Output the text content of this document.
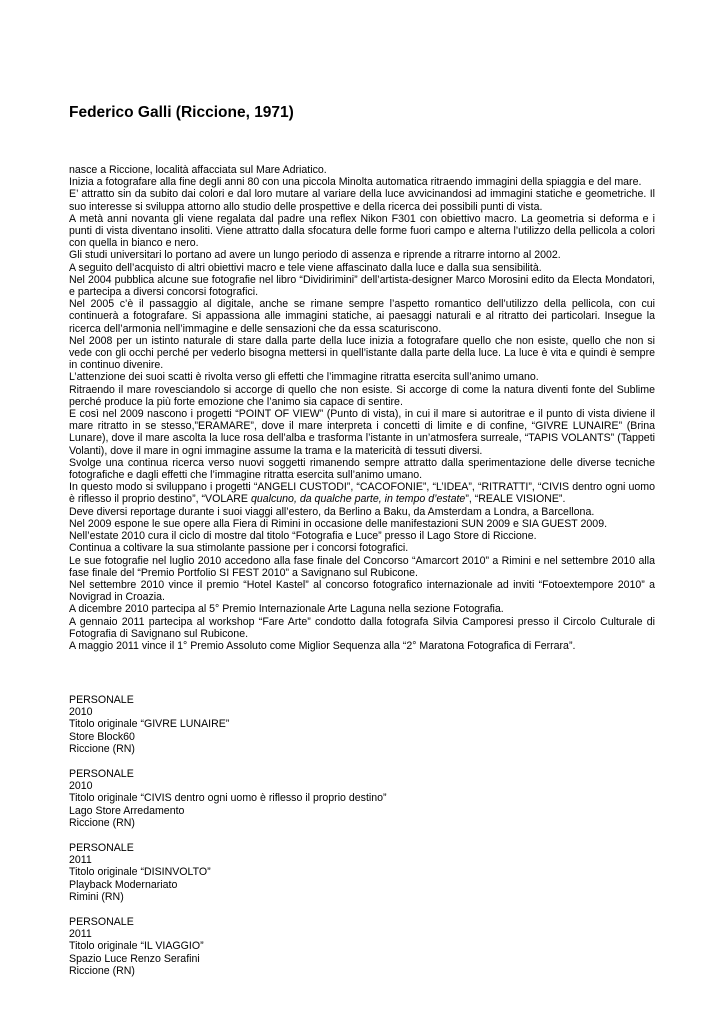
Federico Galli (Riccione, 1971)

nasce a Riccione, località affacciata sul Mare Adriatico.

Inizia a fotografare alla fine degli anni 80 con una piccola Minolta automatica ritraendo immagini della spiaggia e del mare.

E’ attratto sin da subito dai colori e dal loro mutare al variare della luce avvicinandosi ad immagini statiche e geometriche. Il suo interesse si sviluppa attorno allo studio delle prospettive e della ricerca dei possibili punti di vista.

A metà anni novanta gli viene regalata dal padre una reflex Nikon F301 con obiettivo macro. La geometria si deforma e i punti di vista diventano insoliti. Viene attratto dalla sfocatura delle forme fuori campo e alterna l’utilizzo della pellicola a colori con quella in bianco e nero.

Gli studi universitari lo portano ad avere un lungo periodo di assenza e riprende a ritrarre intorno al 2002.

A seguito dell’acquisto di altri obiettivi macro e tele viene affascinato dalla luce e dalla sua sensibilità.

Nel 2004 pubblica alcune sue fotografie nel libro “Dividirimini” dell’artista-designer Marco Morosini edito da Electa Mondatori, e partecipa a diversi concorsi fotografici.

Nel 2005 c’è il passaggio al digitale, anche se rimane sempre l’aspetto romantico dell’utilizzo della pellicola, con cui continuerà a fotografare. Si appassiona alle immagini statiche, ai paesaggi naturali e al ritratto dei particolari. Insegue la ricerca dell’armonia nell’immagine e delle sensazioni che da essa scaturiscono.

Nel 2008 per un istinto naturale di stare dalla parte della luce inizia a fotografare quello che non esiste, quello che non si vede con gli occhi perché per vederlo bisogna mettersi in quell’istante dalla parte della luce. La luce è vita e quindi è sempre in continuo divenire.

L’attenzione dei suoi scatti è rivolta verso gli effetti che l’immagine ritratta esercita sull’animo umano.

Ritraendo il mare rovesciandolo si accorge di quello che non esiste. Si accorge di come la natura diventi fonte del Sublime perché produce la più forte emozione che l’animo sia capace di sentire.

E così nel 2009 nascono i progetti “POINT OF VIEW” (Punto di vista), in cui il mare si autoritrae e il punto di vista diviene il mare ritratto in se stesso,”ERAMARE”, dove il mare interpreta i concetti di limite e di confine, “GIVRE LUNAIRE” (Brina Lunare), dove il mare ascolta la luce rosa dell’alba e trasforma l’istante in un’atmosfera surreale, “TAPIS VOLANTS” (Tappeti Volanti), dove il mare in ogni immagine assume la trama e la matericità di tessuti diversi.

Svolge una continua ricerca verso nuovi soggetti rimanendo sempre attratto dalla sperimentazione delle diverse tecniche fotografiche e dagli effetti che l’immagine ritratta esercita sull’animo umano.

In questo modo si sviluppano i progetti “ANGELI CUSTODI”, “CACOFONIE”, “L’IDEA”, “RITRATTI”, “CIVIS dentro ogni uomo è riflesso il proprio destino”, “VOLARE qualcuno, da qualche parte, in tempo d’estate”, “REALE VISIONE”.

Deve diversi reportage durante i suoi viaggi all’estero, da Berlino a Baku, da Amsterdam a Londra, a Barcellona.

Nel 2009 espone le sue opere alla Fiera di Rimini in occasione delle manifestazioni SUN 2009 e SIA GUEST 2009.

Nell’estate 2010 cura il ciclo di mostre dal titolo “Fotografia e Luce” presso il Lago Store di Riccione.

Continua a coltivare la sua stimolante passione per i concorsi fotografici.

Le sue fotografie nel luglio 2010 accedono alla fase finale del Concorso “Amarcort 2010” a Rimini e nel settembre 2010 alla fase finale del “Premio Portfolio SI FEST 2010” a Savignano sul Rubicone.

Nel settembre 2010 vince il premio “Hotel Kastel” al concorso fotografico internazionale ad inviti “Fotoextempore 2010” a Novigrad in Croazia.

A dicembre 2010 partecipa al 5° Premio Internazionale Arte Laguna nella sezione Fotografia.

A gennaio 2011 partecipa al workshop “Fare Arte” condotto dalla fotografa Silvia Camporesi presso il Circolo Culturale di Fotografia di Savignano sul Rubicone.

A maggio 2011 vince il 1° Premio Assoluto come Miglior Sequenza alla “2° Maratona Fotografica di Ferrara”.

PERSONALE
2010
Titolo originale “GIVRE LUNAIRE”
Store Block60
Riccione (RN)
PERSONALE
2010
Titolo originale “CIVIS dentro ogni uomo è riflesso il proprio destino”
Lago Store Arredamento
Riccione (RN)
PERSONALE
2011
Titolo originale “DISINVOLTO”
Playback Modernariato
Rimini (RN)
PERSONALE
2011
Titolo originale “IL VIAGGIO”
Spazio Luce Renzo Serafini
Riccione (RN)
